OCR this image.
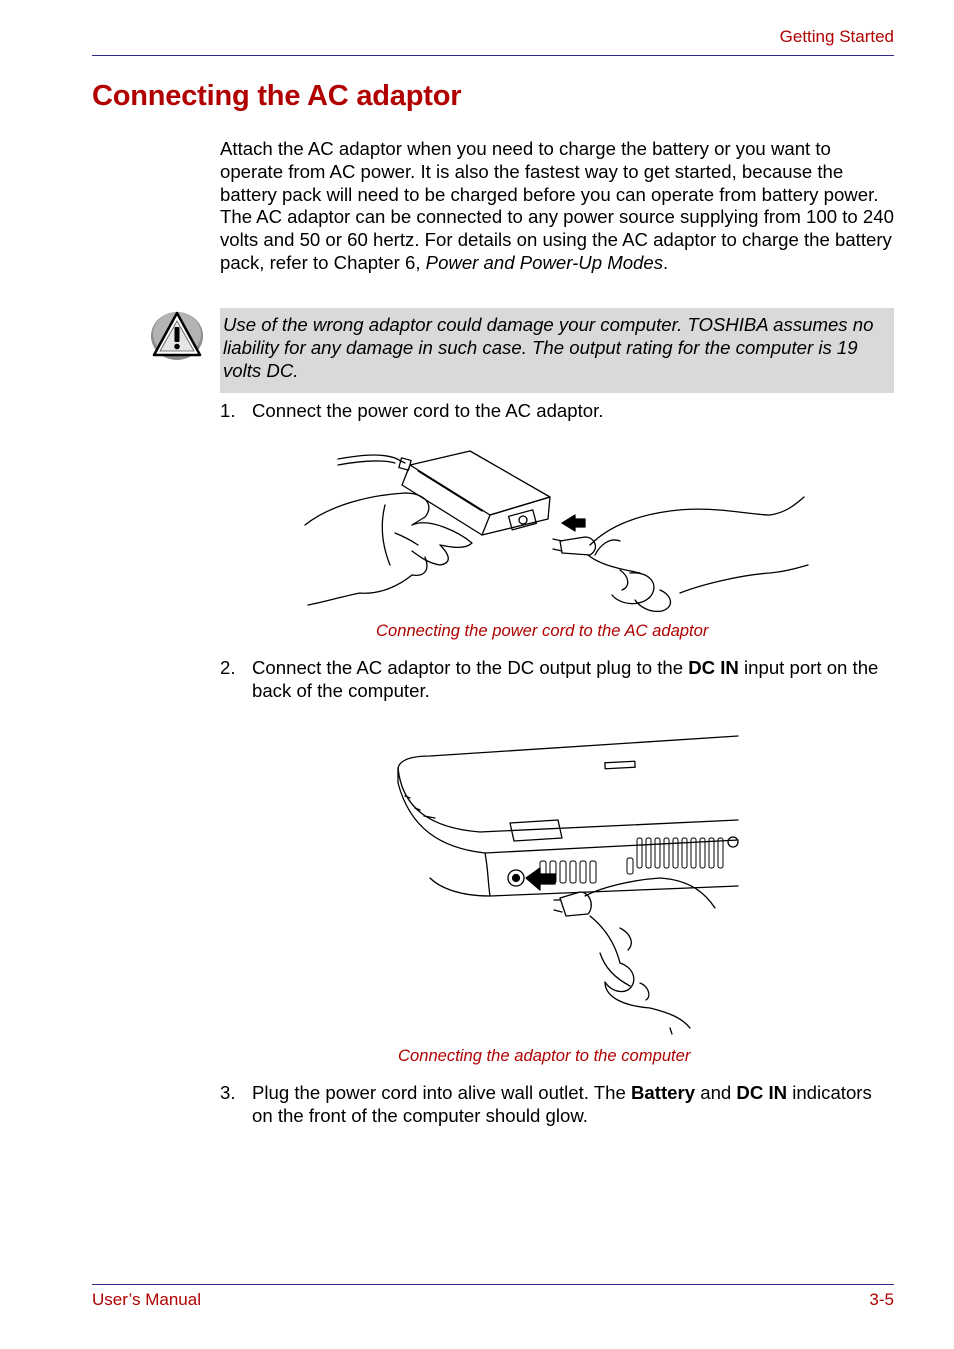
Getting Started
Connecting the AC adaptor

Attach the AC adaptor when you need to charge the battery or you want to operate from AC power. It is also the fastest way to get started, because the battery pack will need to be charged before you can operate from battery power. The AC adaptor can be connected to any power source supplying from 100 to 240 volts and 50 or 60 hertz. For details on using the AC adaptor to charge the battery pack, refer to Chapter 6, Power and Power-Up Modes.

Use of the wrong adaptor could damage your computer. TOSHIBA assumes no liability for any damage in such case. The output rating for the computer is 19 volts DC.
1. Connect the power cord to the AC adaptor.
Connecting the power cord to the AC adaptor
2. Connect the AC adaptor to the DC output plug to the DC IN input port on the back of the computer.
Connecting the adaptor to the computer
3. Plug the power cord into alive wall outlet. The Battery and DC IN indicators on the front of the computer should glow.
User’s Manual	3-5
